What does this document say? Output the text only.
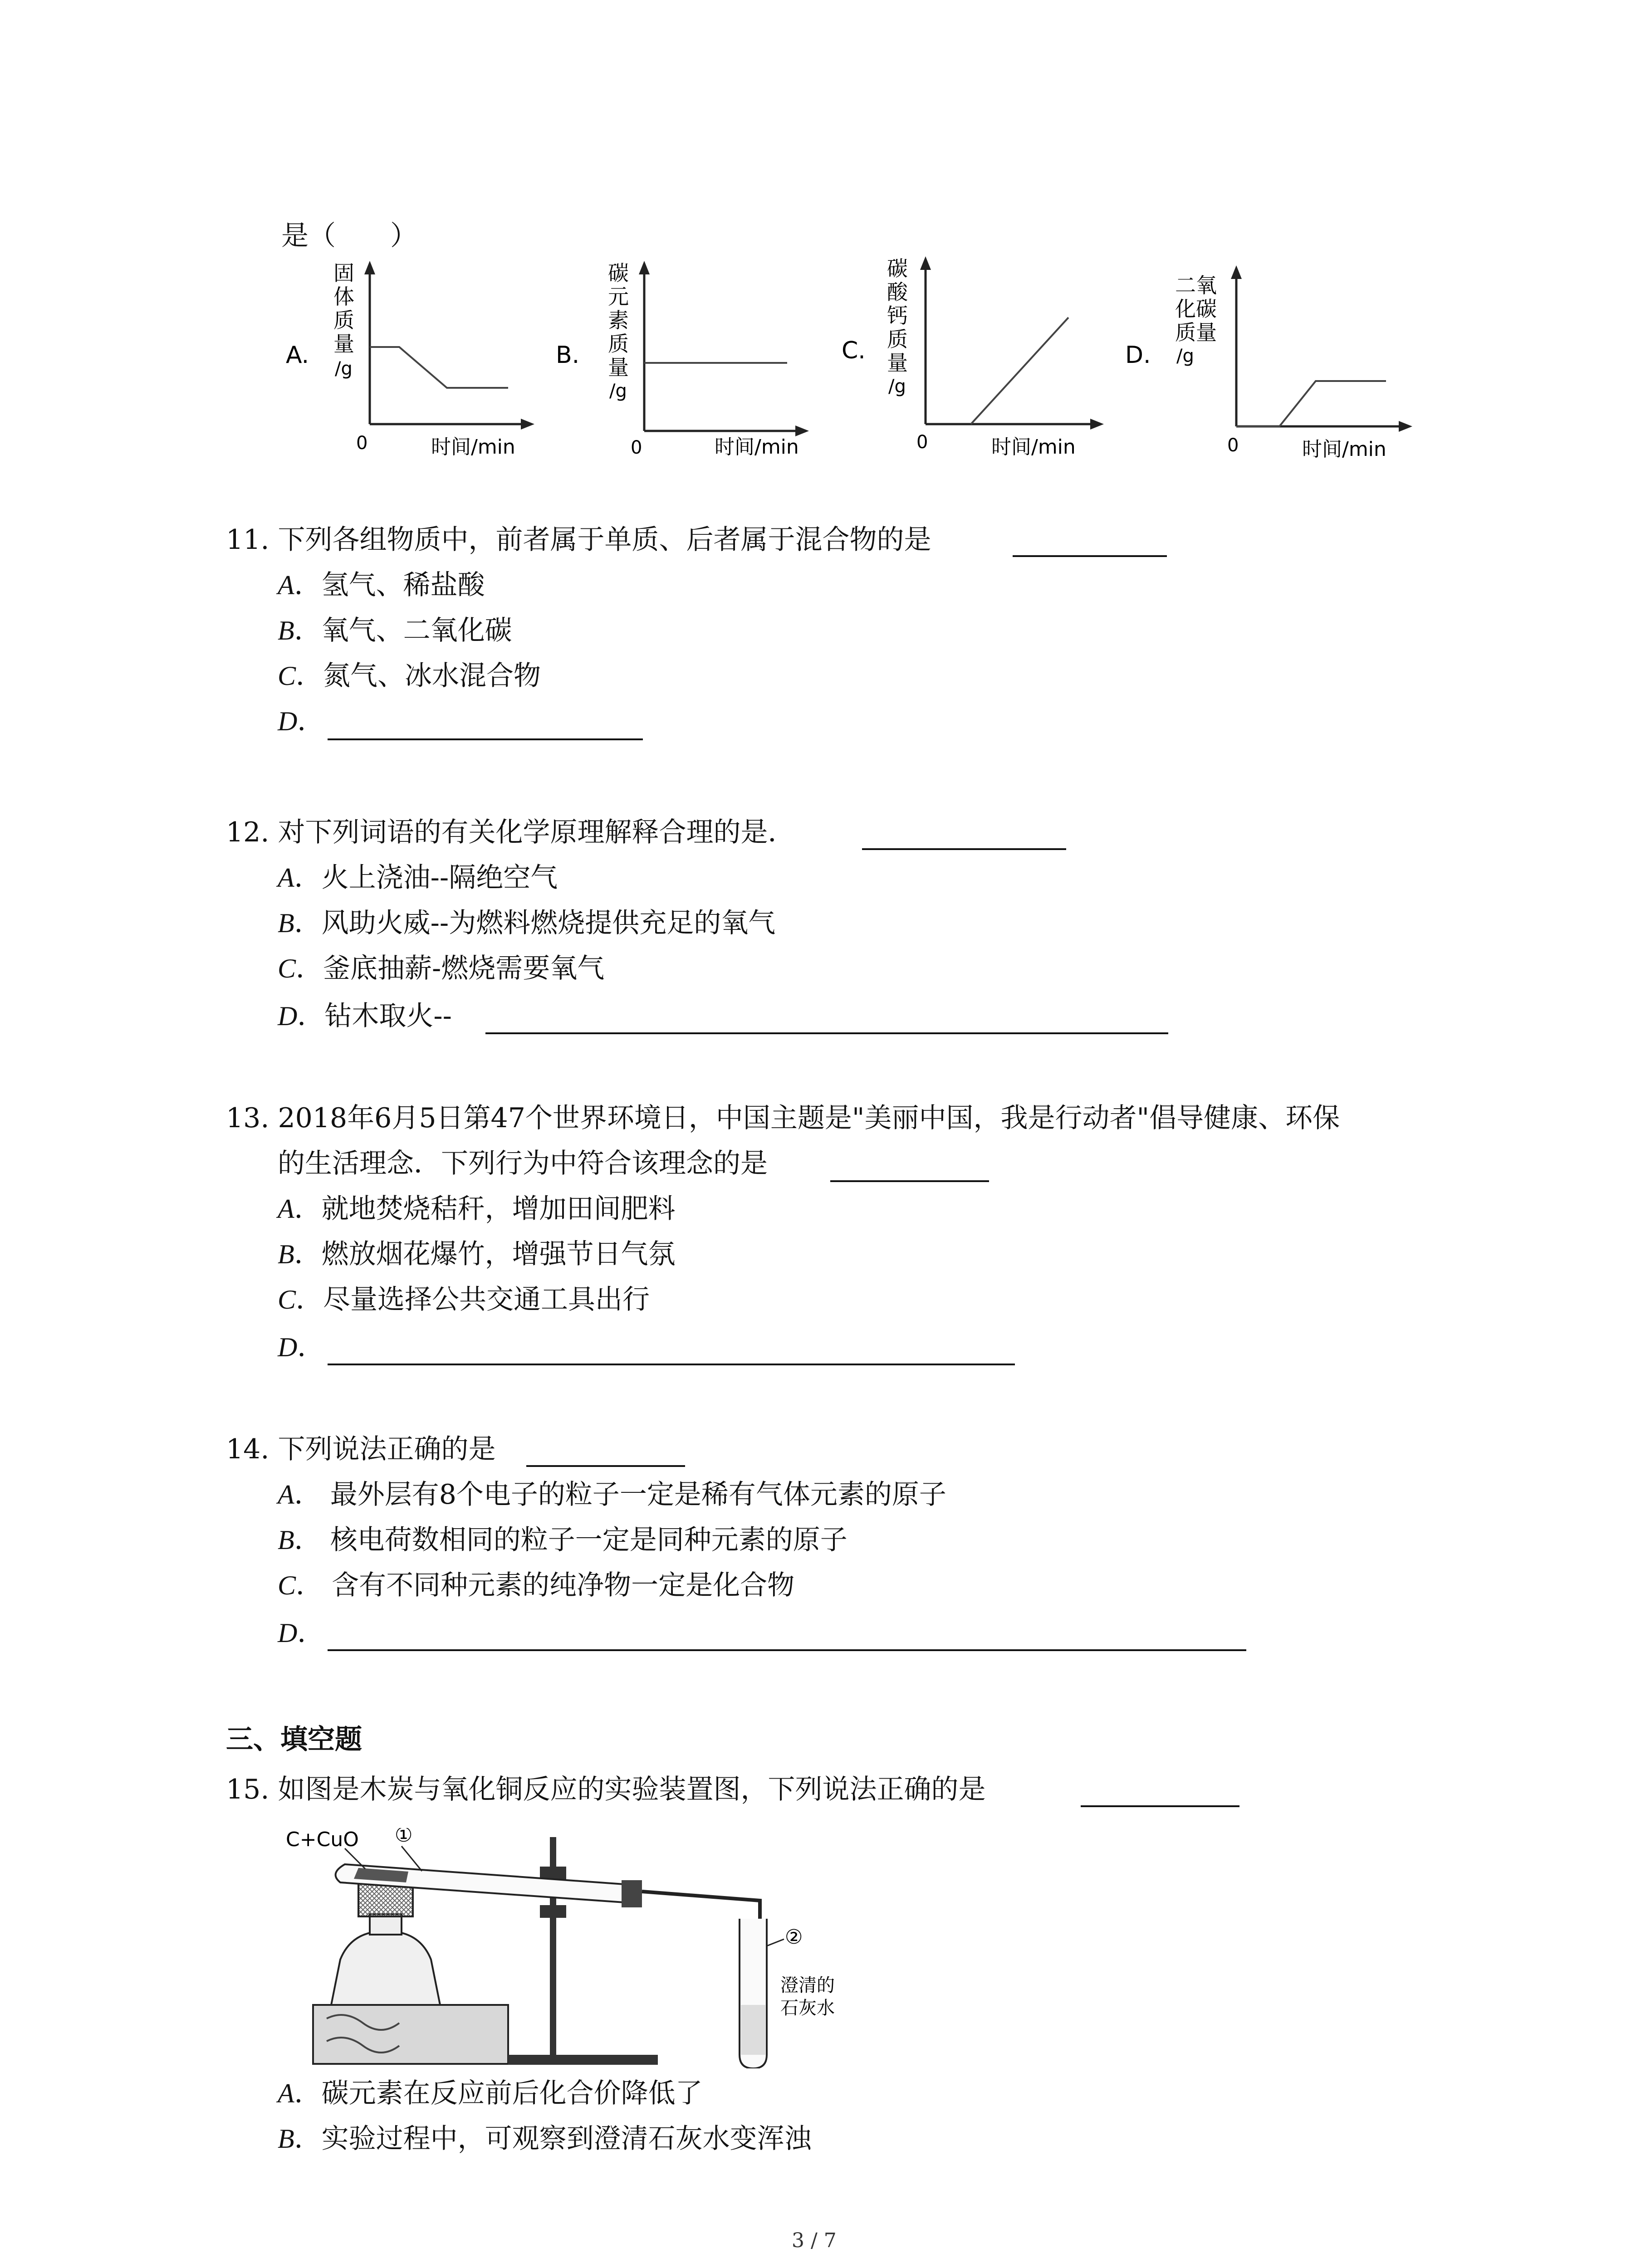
是（　　）
A.
固
体
质
量
/g
0	时间/min
B.
碳
元
素
质
量
/g
0	时间/min
C.
碳
酸
钙
质
量
/g
0	时间/min
D.
二氧
化碳
质量
/g
0	时间/min
11. 下列各组物质中，前者属于单质、后者属于混合物的是
A．氢气、稀盐酸
B．氧气、二氧化碳
C．氮气、冰水混合物
D．
12. 对下列词语的有关化学原理解释合理的是．
A．火上浇油--隔绝空气
B．风助火威--为燃料燃烧提供充足的氧气
C．釜底抽薪-燃烧需要氧气
D．钻木取火--
13. 2018年6月5日第47个世界环境日，中国主题是"美丽中国，我是行动者"倡导健康、环保
的生活理念．下列行为中符合该理念的是
A．就地焚烧秸秆，增加田间肥料
B．燃放烟花爆竹，增强节日气氛
C．尽量选择公共交通工具出行
D．
14. 下列说法正确的是
A． 最外层有8个电子的粒子一定是稀有气体元素的原子
B． 核电荷数相同的粒子一定是同种元素的原子
C． 含有不同种元素的纯净物一定是化合物
D．
三、填空题
15. 如图是木炭与氧化铜反应的实验装置图，下列说法正确的是
C+CuO ①
②
澄清的
石灰水
A．碳元素在反应前后化合价降低了
B．实验过程中，可观察到澄清石灰水变浑浊
3 / 7
